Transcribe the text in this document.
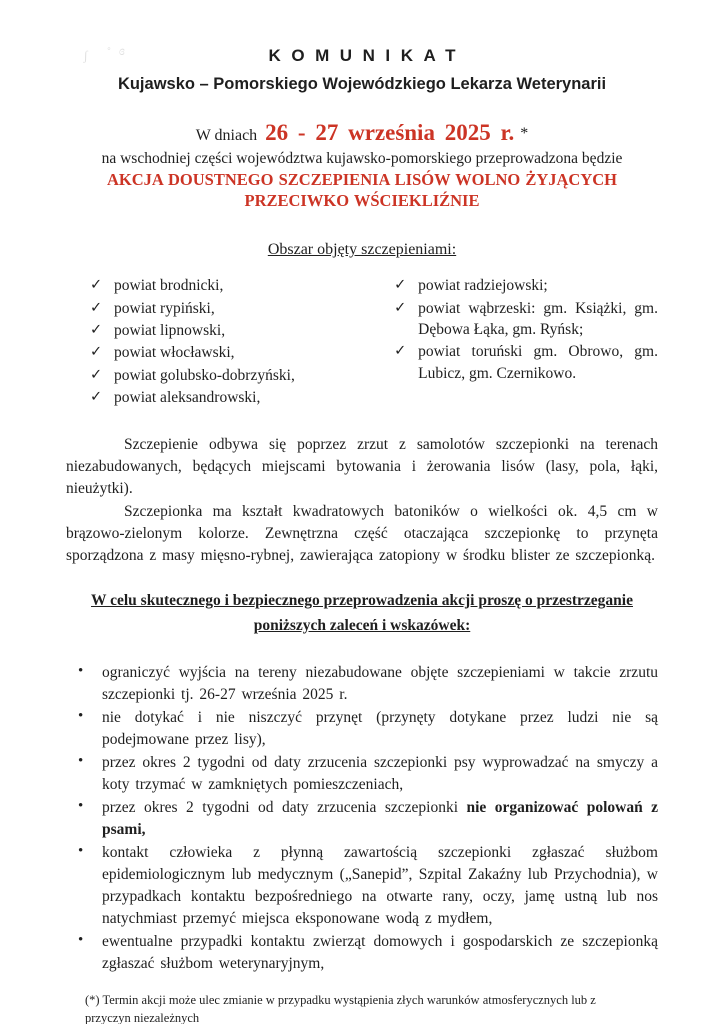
ʃ ˚ɞ	KOMUNIKAT
Kujawsko – Pomorskiego Wojewódzkiego Lekarza Weterynarii

W dniach 26 - 27 września 2025 r. *

na wschodniej części województwa kujawsko-pomorskiego przeprowadzona będzie

AKCJA DOUSTNEGO SZCZEPIENIA LISÓW WOLNO ŻYJĄCYCH

PRZECIWKO WŚCIEKLIŹNIE

Obszar objęty szczepieniami:

✓ powiat brodnicki,
✓ powiat rypiński,
✓ powiat lipnowski,
✓ powiat włocławski,
✓ powiat golubsko-dobrzyński,
✓ powiat aleksandrowski,
✓ powiat radziejowski;
✓ powiat wąbrzeski: gm. Książki, gm. Dębowa Łąka, gm. Ryńsk;
✓ powiat toruński gm. Obrowo, gm. Lubicz, gm. Czernikowo.

Szczepienie odbywa się poprzez zrzut z samolotów szczepionki na terenach niezabudowanych, będących miejscami bytowania i żerowania lisów (lasy, pola, łąki, nieużytki).

Szczepionka ma kształt kwadratowych batoników o wielkości ok. 4,5 cm w brązowo-zielonym kolorze. Zewnętrzna część otaczająca szczepionkę to przynęta sporządzona z masy mięsno-rybnej, zawierająca zatopiony w środku blister ze szczepionką.

W celu skutecznego i bezpiecznego przeprowadzenia akcji proszę o przestrzeganie
poniższych zaleceń i wskazówek:

• ograniczyć wyjścia na tereny niezabudowane objęte szczepieniami w takcie zrzutu szczepionki tj. 26-27 września 2025 r.
• nie dotykać i nie niszczyć przynęt (przynęty dotykane przez ludzi nie są podejmowane przez lisy),
• przez okres 2 tygodni od daty zrzucenia szczepionki psy wyprowadzać na smyczy a koty trzymać w zamkniętych pomieszczeniach,
• przez okres 2 tygodni od daty zrzucenia szczepionki nie organizować polowań z psami,
• kontakt człowieka z płynną zawartością szczepionki zgłaszać służbom epidemiologicznym lub medycznym („Sanepid”, Szpital Zakaźny lub Przychodnia), w przypadkach kontaktu bezpośredniego na otwarte rany, oczy, jamę ustną lub nos natychmiast przemyć miejsca eksponowane wodą z mydłem,
• ewentualne przypadki kontaktu zwierząt domowych i gospodarskich ze szczepionką zgłaszać służbom weterynaryjnym,

(*) Termin akcji może ulec zmianie w przypadku wystąpienia złych warunków atmosferycznych lub z przyczyn niezależnych
